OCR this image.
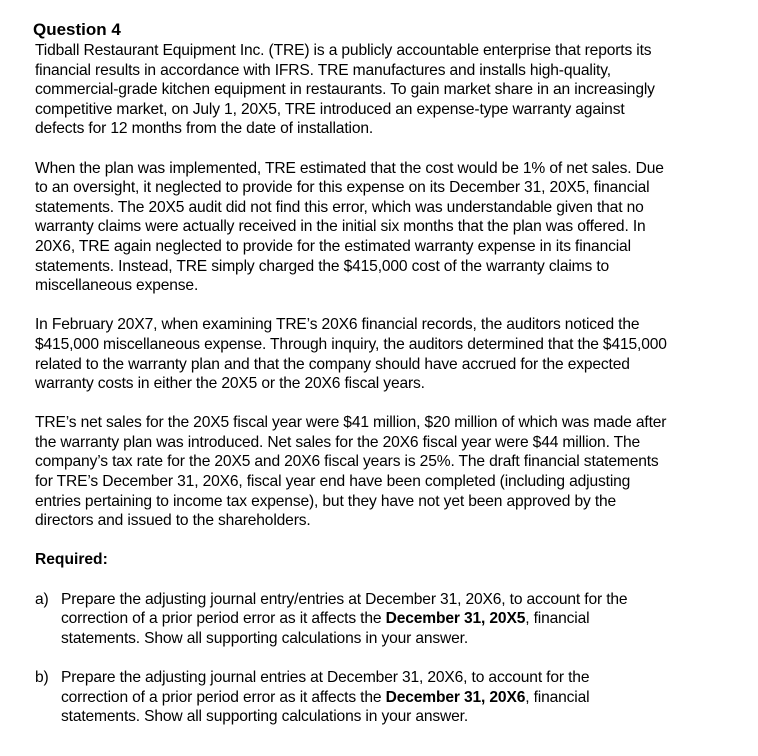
Question 4
Tidball Restaurant Equipment Inc. (TRE) is a publicly accountable enterprise that reports its
financial results in accordance with IFRS. TRE manufactures and installs high-quality,
commercial-grade kitchen equipment in restaurants. To gain market share in an increasingly
competitive market, on July 1, 20X5, TRE introduced an expense-type warranty against
defects for 12 months from the date of installation.
When the plan was implemented, TRE estimated that the cost would be 1% of net sales. Due
to an oversight, it neglected to provide for this expense on its December 31, 20X5, financial
statements. The 20X5 audit did not find this error, which was understandable given that no
warranty claims were actually received in the initial six months that the plan was offered. In
20X6, TRE again neglected to provide for the estimated warranty expense in its financial
statements. Instead, TRE simply charged the $415,000 cost of the warranty claims to
miscellaneous expense.
In February 20X7, when examining TRE’s 20X6 financial records, the auditors noticed the
$415,000 miscellaneous expense. Through inquiry, the auditors determined that the $415,000
related to the warranty plan and that the company should have accrued for the expected
warranty costs in either the 20X5 or the 20X6 fiscal years.
TRE’s net sales for the 20X5 fiscal year were $41 million, $20 million of which was made after
the warranty plan was introduced. Net sales for the 20X6 fiscal year were $44 million. The
company’s tax rate for the 20X5 and 20X6 fiscal years is 25%. The draft financial statements
for TRE’s December 31, 20X6, fiscal year end have been completed (including adjusting
entries pertaining to income tax expense), but they have not yet been approved by the
directors and issued to the shareholders.
Required:
a) Prepare the adjusting journal entry/entries at December 31, 20X6, to account for the
correction of a prior period error as it affects the December 31, 20X5, financial
statements. Show all supporting calculations in your answer.
b) Prepare the adjusting journal entries at December 31, 20X6, to account for the
correction of a prior period error as it affects the December 31, 20X6, financial
statements. Show all supporting calculations in your answer.
